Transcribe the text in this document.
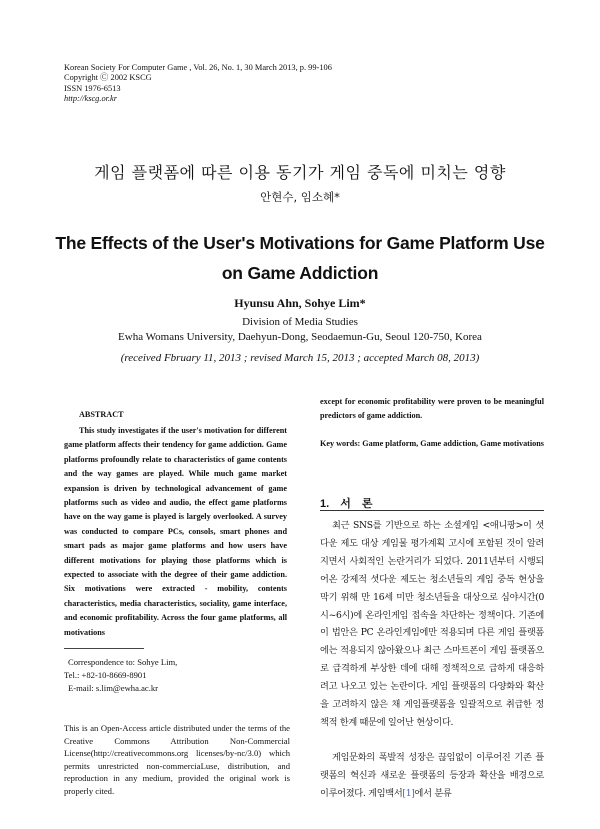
Korean Society For Computer Game , Vol. 26, No. 1, 30 March 2013, p. 99-106
Copyright Ⓒ 2002 KSCG
ISSN 1976-6513
http://kscg.or.kr
게임 플랫폼에 따른 이용 동기가 게임 중독에 미치는 영향
안현수, 임소혜*
The Effects of the User's Motivations for Game Platform Use
on Game Addiction
Hyunsu Ahn, Sohye Lim*
Division of Media Studies
Ewha Womans University, Daehyun-Dong, Seodaemun-Gu, Seoul 120-750, Korea
(received Fbruary 11, 2013 ; revised March 15, 2013 ; accepted March 08, 2013)
ABSTRACT
This study investigates if the user's motivation for different game platform affects their tendency for game addiction. Game platforms profoundly relate to characteristics of game contents and the way games are played. While much game market expansion is driven by technological advancement of game platforms such as video and audio, the effect game platforms have on the way game is played is largely overlooked. A survey was conducted to compare PCs, consols, smart phones and smart pads as major game platforms and how users have different motivations for playing those platforms which is expected to associate with the degree of their game addiction. Six motivations were extracted - mobility, contents characteristics, media characteristics, sociality, game interface, and economic profitability. Across the four game platforms, all motivations
except for economic profitability were proven to be meaningful predictors of game addiction.
Key words: Game platform, Game addiction, Game motivations
1. 서 론
최근 SNS를 기반으로 하는 소셜게임 <애니팡>이 셧다운 제도 대상 게임물 평가계획 고시에 포함된 것이 알려지면서 사회적인 논란거리가 되었다. 2011년부터 시행되어온 강제적 셧다운 제도는 청소년들의 게임 중독 현상을 막기 위해 만 16세 미만 청소년들을 대상으로 심야시간(0시~6시)에 온라인게임 접속을 차단하는 정책이다. 기존에 이 법안은 PC 온라인게임에만 적용되며 다른 게임 플랫폼에는 적용되지 않아왔으나 최근 스마트폰이 게임 플랫폼으로 급격하게 부상한 데에 대해 정책적으로 급하게 대응하려고 나오고 있는 논란이다. 게임 플랫폼의 다양화와 확산을 고려하지 않은 채 게임플랫폼을 일괄적으로 취급한 정책적 한계 때문에 일어난 현상이다.
게임문화의 폭발적 성장은 끊임없이 이루어진 기존 플랫폼의 혁신과 새로운 플랫폼의 등장과 확산을 배경으로 이루어졌다. 게임백서[1]에서 분류
Correspondence to: Sohye Lim,
Tel.: +82-10-8669-8901
E-mail: s.lim@ewha.ac.kr
This is an Open-Access article distributed under the terms of the Creative Commons Attribution Non-Commercial License(http://creativecommons.org licenses/by-nc/3.0) which permits unrestricted non-commerciaLuse, distribution, and reproduction in any medium, provided the original work is properly cited.
